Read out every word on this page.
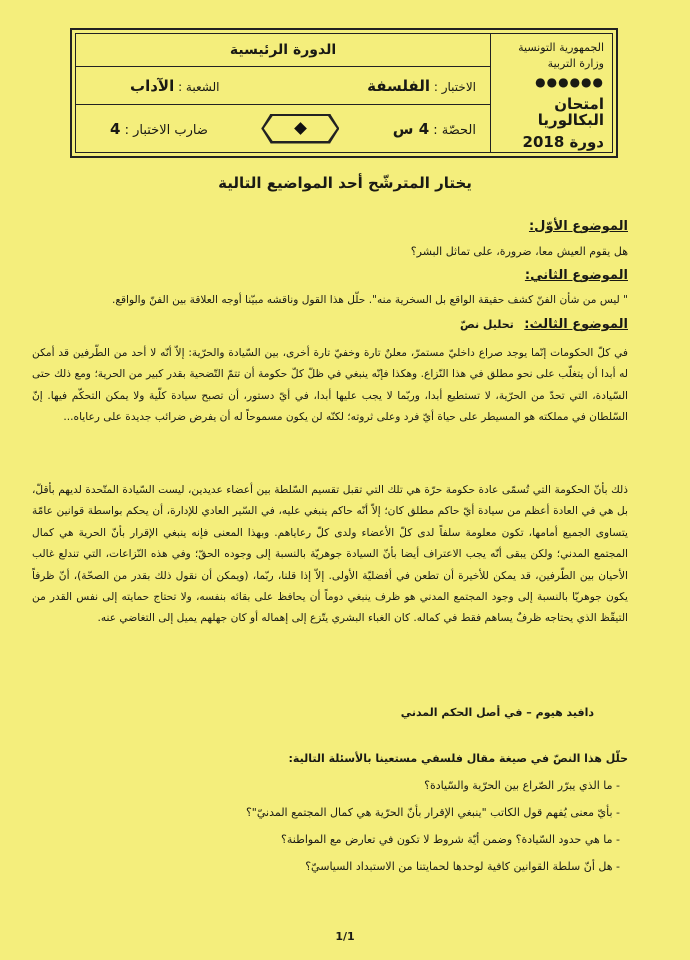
الجمهورية التونسية
وزارة التربية
●●●●●●
امتحان البكالوريا
دورة 2018
الدورة الرئيسية
الاختبار : الفلسفة
الشعبة : الآداب
الحصّة : 4 س
ضارب الاختبار : 4
يختار المترشّح أحد المواضيع التالية
الموضوع الأوّل:
هل يقوم العيش معا، ضرورة، على تماثل البشر؟
الموضوع الثاني:
" ليس من شأن الفنّ كشف حقيقة الواقع بل السخرية منه". حلّل هذا القول وناقشه مبيّنا أوجه العلاقة بين الفنّ والواقع.
الموضوع الثالث: تحليل نصّ
في كلّ الحكومات إنّما يوجد صراع داخليّ مستمرّ، معلنٌ تارة وخفيّ تارة أخرى، بين السّيادة والحرّية: إلاّ أنّه لا أحد من الطّرفين قد أمكن له أبدا أن يتغلّب على نحو مطلق في هذا النّزاع. وهكذا فإنّه ينبغي في ظلّ كلّ حكومة أن تتمّ التّضحية بقدر كبير من الحرية؛ ومع ذلك حتى السّيادة، التي تحدّ من الحرّية، لا تستطيع أبدا، وربّما لا يجب عليها أبدا، في أيّ دستور، أن تصبح سيادة كلّية ولا يمكن التحكّم فيها. إنّ السّلطان في مملكته هو المسيطر على حياة أيّ فرد وعلى ثروته؛ لكنّه لن يكون مسموحاً له أن يفرض ضرائب جديدة على رعاياه...
ذلك بأنّ الحكومة التي تُسمّى عادة حكومة حرّة هي تلك التي تقبل تقسيم السّلطة بين أعضاء عديدين، ليست السّيادة المتّحدة لديهم بأقلّ، بل هي في العادة أعظم من سيادة أيّ حاكم مطلق كان؛ إلاّ أنّه حاكم ينبغي عليه، في السّير العادي للإدارة، أن يحكم بواسطة قوانين عامّة يتساوى الجميع أمامها، تكون معلومة سلفاً لدى كلّ الأعضاء ولدى كلّ رعاياهم. وبهذا المعنى فإنه ينبغي الإقرار بأنّ الحرية هي كمال المجتمع المدني؛ ولكن يبقى أنّه يجب الاعتراف أيضا بأنّ السيادة جوهريّة بالنسبة إلى وجوده الحقّ؛ وفي هذه النّزاعات، التي تندلع غالب الأحيان بين الطّرفين، قد يمكن للأخيرة أن تطعن في أفضليّة الأولى. إلاّ إذا قلنا، ربّما، (ويمكن أن نقول ذلك بقدر من الصحّة)، أنّ ظرفاً يكون جوهريّا بالنسبة إلى وجود المجتمع المدني هو ظرف ينبغي دوماً أن يحافظ على بقائه بنفسه، ولا تحتاج حمايته إلى نفس القدر من التيقّظ الذي يحتاجه ظرفٌ يساهم فقط في كماله. كان الغباء البشري يتّزع إلى إهماله أو كان جهلهم يميل إلى التغاضي عنه.
دافيد هيوم – في أصل الحكم المدني
حلّل هذا النصّ في صيغة مقال فلسفي مستعينا بالأسئلة التالية:
- ما الذي يبرّر الصّراع بين الحرّية والسّيادة؟
- بأيّ معنى يُفهم قول الكاتب "ينبغي الإقرار بأنّ الحرّية هي كمال المجتمع المدنيّ"؟
- ما هي حدود السّيادة؟ وضمن أيّة شروط لا تكون في تعارض مع المواطنة؟
- هل أنّ سلطة القوانين كافية لوحدها لحمايتنا من الاستبداد السياسيّ؟
1/1
